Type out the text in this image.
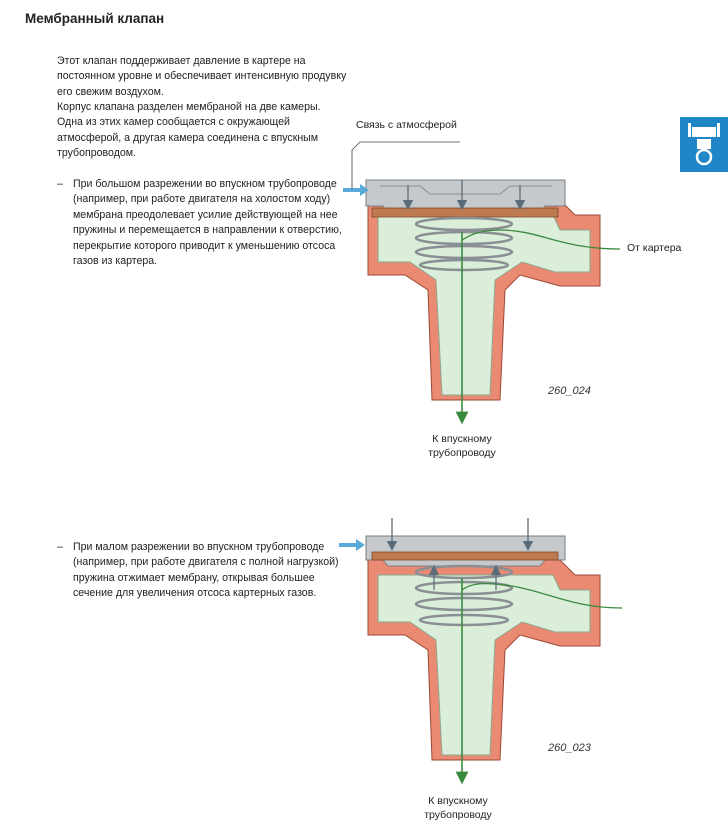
Мембранный клапан

Этот клапан поддерживает давление в картере на постоянном уровне и обеспечивает интенсивную продувку его свежим воздухом.

Корпус клапана разделен мембраной на две камеры. Одна из этих камер сообщается с окружающей атмосферой, а другая камера соединена с впускным трубопроводом.

– При большом разрежении во впускном трубопроводе (например, при работе двигателя на холостом ходу) мембрана преодолевает усилие действующей на нее пружины и перемещается в направлении к отверстию, перекрытие которого приводит к уменьшению отсоса газов из картера.

– При малом разрежении во впускном трубопроводе (например, при работе двигателя с полной нагрузкой) пружина отжимает мембрану, открывая большее сечение для увеличения отсоса картерных газов.

Связь с атмосферой
От картера
К впускному
трубопроводу
260_024
К впускному
трубопроводу
260_023
